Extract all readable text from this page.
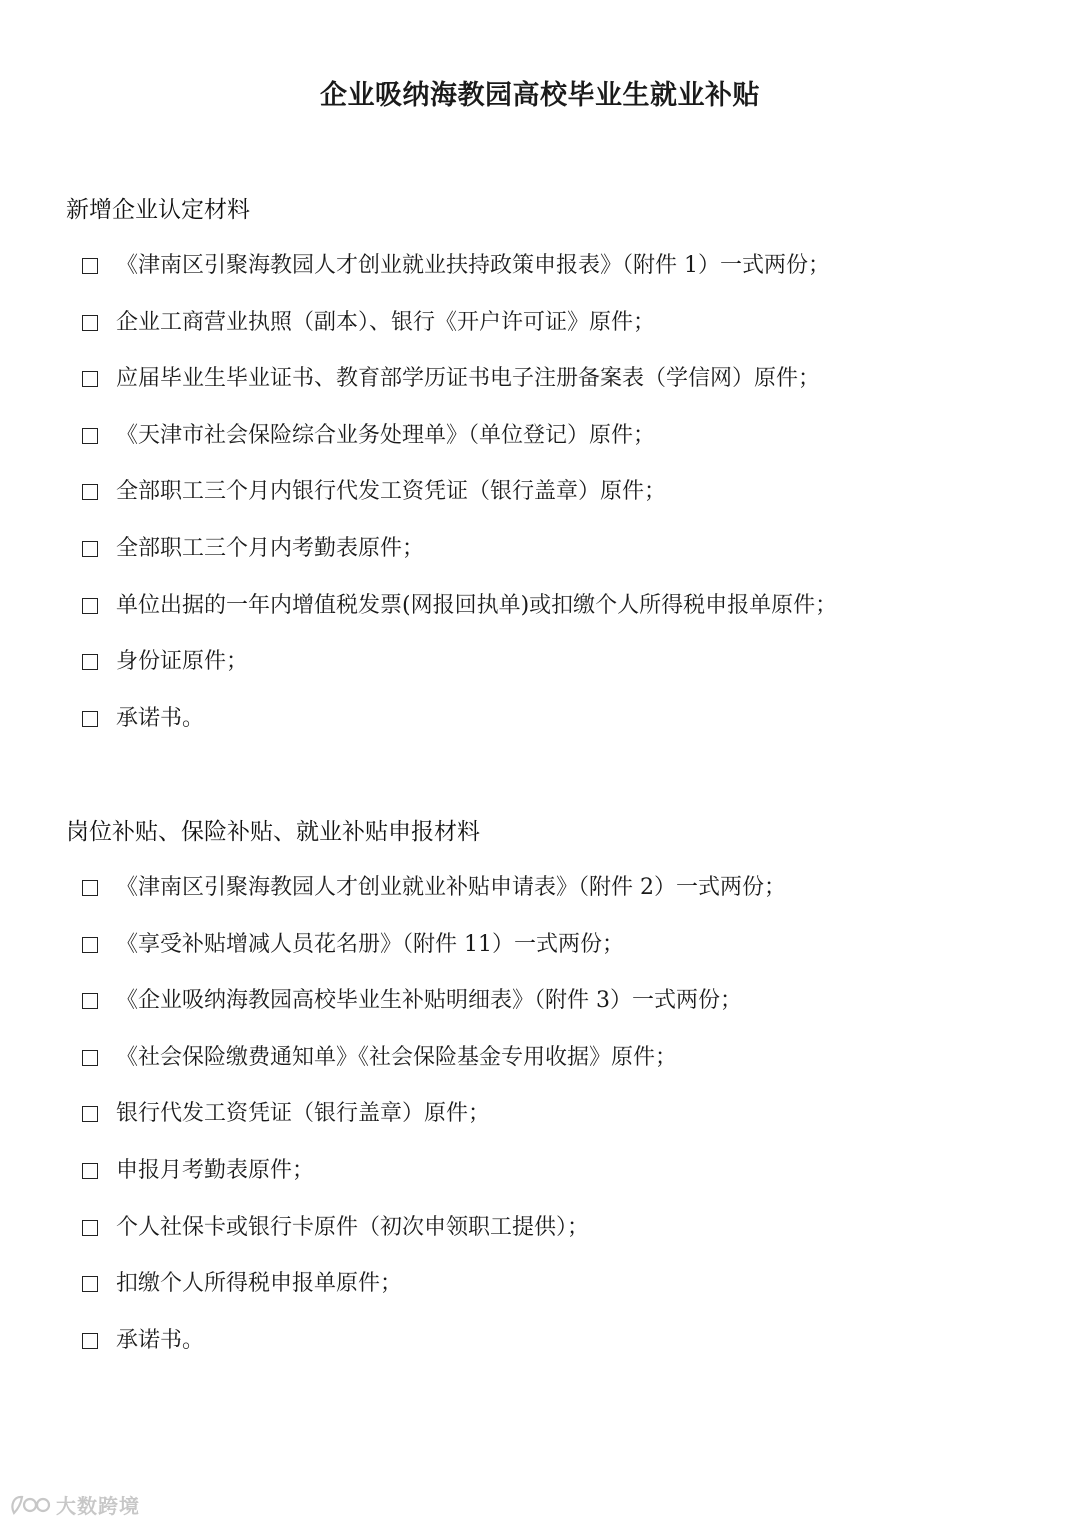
企业吸纳海教园高校毕业生就业补贴
新增企业认定材料
《津南区引聚海教园人才创业就业扶持政策申报表》（附件 1）一式两份；
企业工商营业执照（副本）、银行《开户许可证》原件；
应届毕业生毕业证书、教育部学历证书电子注册备案表（学信网）原件；
《天津市社会保险综合业务处理单》（单位登记）原件；
全部职工三个月内银行代发工资凭证（银行盖章）原件；
全部职工三个月内考勤表原件；
单位出据的一年内增值税发票(网报回执单)或扣缴个人所得税申报单原件；
身份证原件；
承诺书。
岗位补贴、保险补贴、就业补贴申报材料
《津南区引聚海教园人才创业就业补贴申请表》（附件 2）一式两份；
《享受补贴增减人员花名册》（附件 11）一式两份；
《企业吸纳海教园高校毕业生补贴明细表》（附件 3）一式两份；
《社会保险缴费通知单》《社会保险基金专用收据》原件；
银行代发工资凭证（银行盖章）原件；
申报月考勤表原件；
个人社保卡或银行卡原件（初次申领职工提供）；
扣缴个人所得税申报单原件；
承诺书。
大数跨境
